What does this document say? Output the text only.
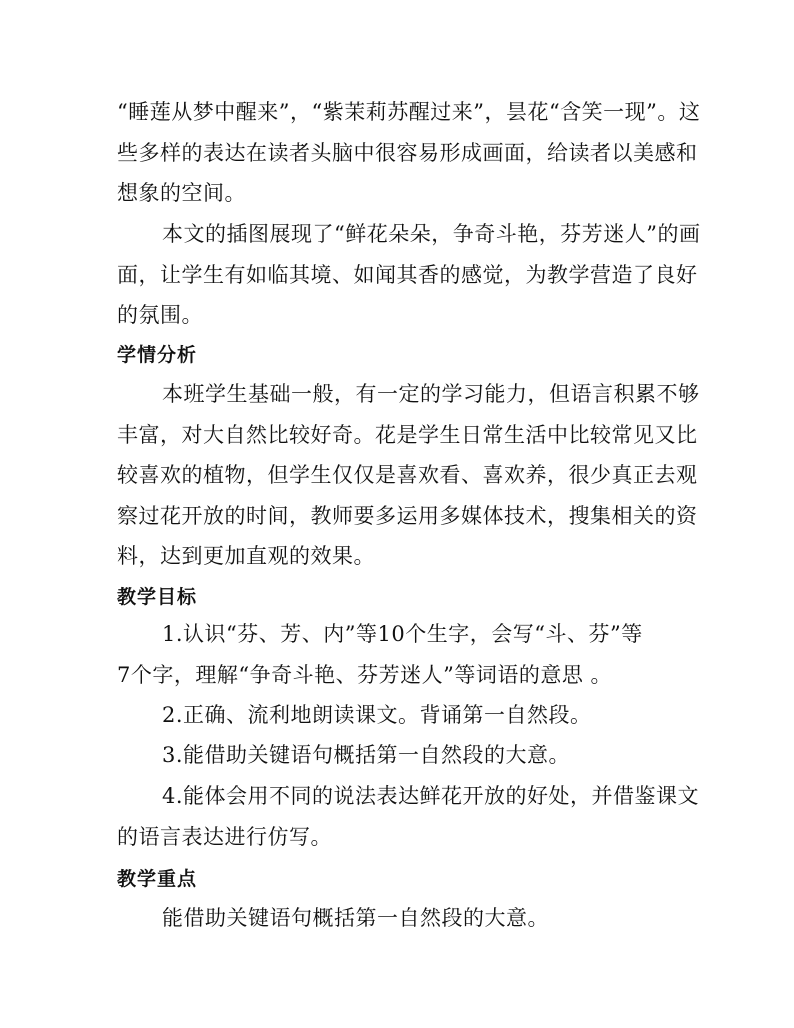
“睡莲从梦中醒来”，“紫茉莉苏醒过来”，昙花“含笑一现”。这
些多样的表达在读者头脑中很容易形成画面，给读者以美感和
想象的空间。
本文的插图展现了“鲜花朵朵，争奇斗艳，芬芳迷人”的画
面，让学生有如临其境、如闻其香的感觉，为教学营造了良好
的氛围。
学情分析
本班学生基础一般，有一定的学习能力，但语言积累不够
丰富，对大自然比较好奇。花是学生日常生活中比较常见又比
较喜欢的植物，但学生仅仅是喜欢看、喜欢养，很少真正去观
察过花开放的时间，教师要多运用多媒体技术，搜集相关的资
料，达到更加直观的效果。
教学目标
1.认识“芬、芳、内”等10个生字，会写“斗、芬”等
7个字，理解“争奇斗艳、芬芳迷人”等词语的意思 。
2.正确、流利地朗读课文。背诵第一自然段。
3.能借助关键语句概括第一自然段的大意。
4.能体会用不同的说法表达鲜花开放的好处，并借鉴课文
的语言表达进行仿写。
教学重点
能借助关键语句概括第一自然段的大意。
